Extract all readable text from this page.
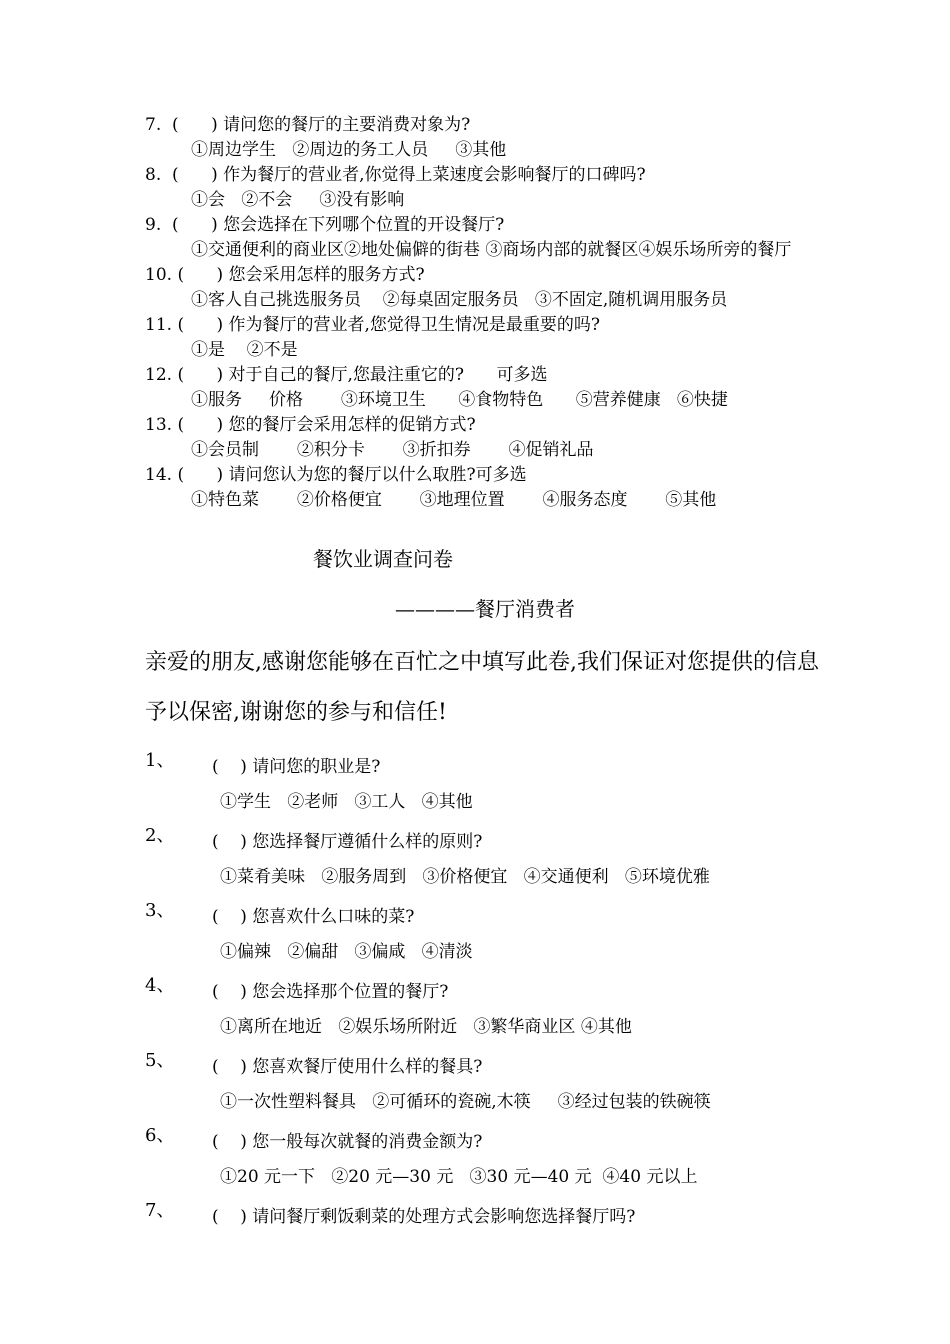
7.  (      ) 请问您的餐厅的主要消费对象为?
①周边学生   ②周边的务工人员     ③其他
8.  (      ) 作为餐厅的营业者,你觉得上菜速度会影响餐厅的口碑吗?
①会   ②不会     ③没有影响
9.  (      ) 您会选择在下列哪个位置的开设餐厅?
①交通便利的商业区②地处偏僻的街巷 ③商场内部的就餐区④娱乐场所旁的餐厅
10. (      ) 您会采用怎样的服务方式?
①客人自己挑选服务员    ②每桌固定服务员   ③不固定,随机调用服务员
11. (      ) 作为餐厅的营业者,您觉得卫生情况是最重要的吗?
①是    ②不是
12. (      ) 对于自己的餐厅,您最注重它的?      可多选
①服务     价格       ③环境卫生      ④食物特色      ⑤营养健康   ⑥快捷
13. (      ) 您的餐厅会采用怎样的促销方式?
①会员制       ②积分卡       ③折扣券       ④促销礼品
14. (      ) 请问您认为您的餐厅以什么取胜?可多选
①特色菜       ②价格便宜       ③地理位置       ④服务态度       ⑤其他
餐饮业调查问卷
————餐厅消费者
亲爱的朋友,感谢您能够在百忙之中填写此卷,我们保证对您提供的信息予以保密,谢谢您的参与和信任!

1、

(    ) 请问您的职业是?

①学生   ②老师   ③工人   ④其他

2、

(    ) 您选择餐厅遵循什么样的原则?

①菜肴美味   ②服务周到   ③价格便宜   ④交通便利   ⑤环境优雅

3、

(    ) 您喜欢什么口味的菜?

①偏辣   ②偏甜   ③偏咸   ④清淡

4、

(    ) 您会选择那个位置的餐厅?

①离所在地近   ②娱乐场所附近   ③繁华商业区 ④其他

5、

(    ) 您喜欢餐厅使用什么样的餐具?

①一次性塑料餐具   ②可循环的瓷碗,木筷     ③经过包装的铁碗筷

6、

(    ) 您一般每次就餐的消费金额为?

①20 元一下   ②20 元—30 元   ③30 元—40 元  ④40 元以上

7、

(    ) 请问餐厅剩饭剩菜的处理方式会影响您选择餐厅吗?
